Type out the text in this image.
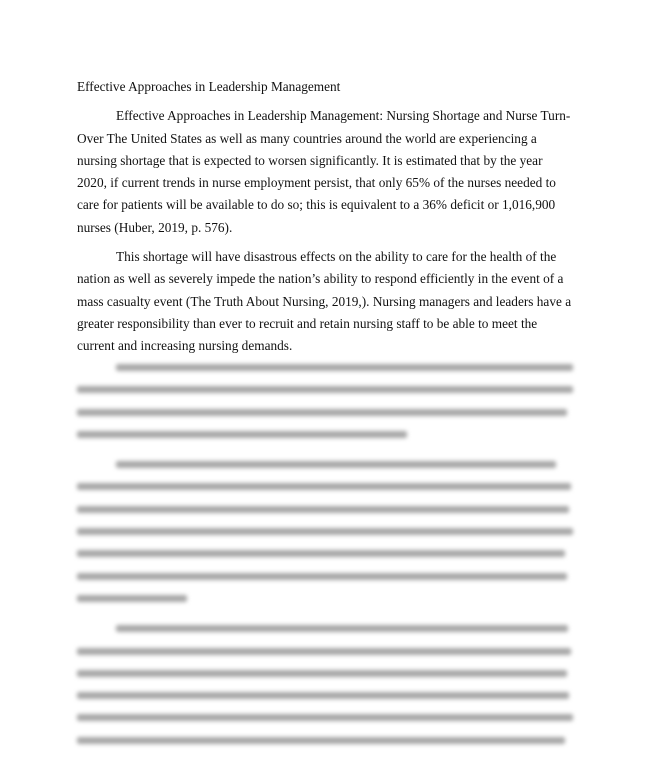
Effective Approaches in Leadership Management

Effective Approaches in Leadership Management: Nursing Shortage and Nurse Turn-Over The United States as well as many countries around the world are experiencing a nursing shortage that is expected to worsen significantly. It is estimated that by the year 2020, if current trends in nurse employment persist, that only 65% of the nurses needed to care for patients will be available to do so; this is equivalent to a 36% deficit or 1,016,900 nurses (Huber, 2019, p. 576).

This shortage will have disastrous effects on the ability to care for the health of the nation as well as severely impede the nation’s ability to respond efficiently in the event of a mass casualty event (The Truth About Nursing, 2019,). Nursing managers and leaders have a greater responsibility than ever to recruit and retain nursing staff to be able to meet the current and increasing nursing demands.
